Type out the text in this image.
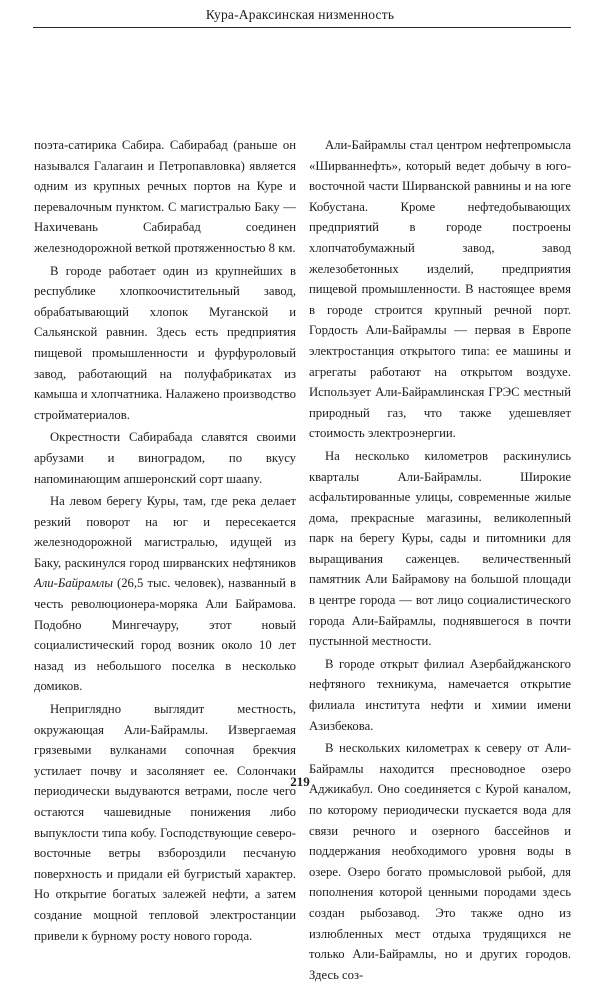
Кура-Араксинская низменность

поэта-сатирика Сабира. Сабирабад (раньше он назывался Галагаин и Петропавловка) является одним из крупных речных портов на Куре и перевалочным пунктом. С магистралью Баку — Нахичевань Сабирабад соединен железнодорожной веткой протяженностью 8 км.

В городе работает один из крупнейших в республике хлопкоочистительный завод, обрабатывающий хлопок Муганской и Сальянской равнин. Здесь есть предприятия пищевой промышленности и фурфуроловый завод, работающий на полуфабрикатах из камыша и хлопчатника. Налажено производство стройматериалов.

Окрестности Сабирабада славятся своими арбузами и виноградом, по вкусу напоминающим апшеронский сорт шаany.

На левом берегу Куры, там, где река делает резкий поворот на юг и пересекается железнодорожной магистралью, идущей из Баку, раскинулся город ширванских нефтяников Али-Байрамлы (26,5 тыс. человек), названный в честь революционера-моряка Али Байрамова. Подобно Мингечауру, этот новый социалистический город возник около 10 лет назад из небольшого поселка в несколько домиков.

Непригляднo выглядит местность, окружающая Али-Байрамлы. Извергаемая грязевыми вулканами сопочная брекчия устилает почву и засоляняет ее. Солончаки периодически выдуваются ветрами, после чего остаются чашевидные понижения либо выпуклости типа кобу. Господствующие северо-восточные ветры взборoздили песчаную поверхность и придали ей бугристый характер. Но открытие богатых залежей нефти, а затем создание мощной тепловой электростанции привели к бурному росту нового города.

Али-Байрамлы стал центром нефтепромысла «Ширваннефть», который ведет добычу в юго-восточной части Ширванской равнины и на юге Кобустана. Кроме нефтедобывающих предприятий в городе построены хлопчатобумажный завод, завод железобетонных изделий, предприятия пищевой промышленности. В настоящее время в городе строится крупный речной порт. Гордость Али-Байрамлы — первая в Европе электростанция открытого типа: ее машины и агрегаты работают на открытом воздухе. Использует Али-Байрамлинская ГРЭС местный природный газ, что также удешевляет стоимость электроэнергии.

На несколько километров раскинулись кварталы Али-Байрамлы. Широкие асфальтированные улицы, современные жилые дома, прекрасные магазины, великолепный парк на берегу Куры, сады и питомники для выращивания саженцев. величественный памятник Али Байрамову на большой площади в центре города — вот лицо социалистического города Али-Байрамлы, поднявшегося в почти пустынной местности.

В городе открыт филиал Азербайджанского нефтяного техникума, намечается открытие филиала института нефти и химии имени Азизбекова.

В нескольких километрах к северу от Али-Байрамлы находится пресноводное озеро Аджикабул. Оно соединяется с Курой каналом, по которому периодически пускается вода для связи речного и озерного бассейнов и поддержания необходимого уровня воды в озере. Озеро богато промысловой рыбой, для пополнения которой ценными породами здесь создан рыбозавод. Это также одно из излюбленных мест отдыха трудящихся не только Али-Байрамлы, но и других городов. Здесь соз-

219
